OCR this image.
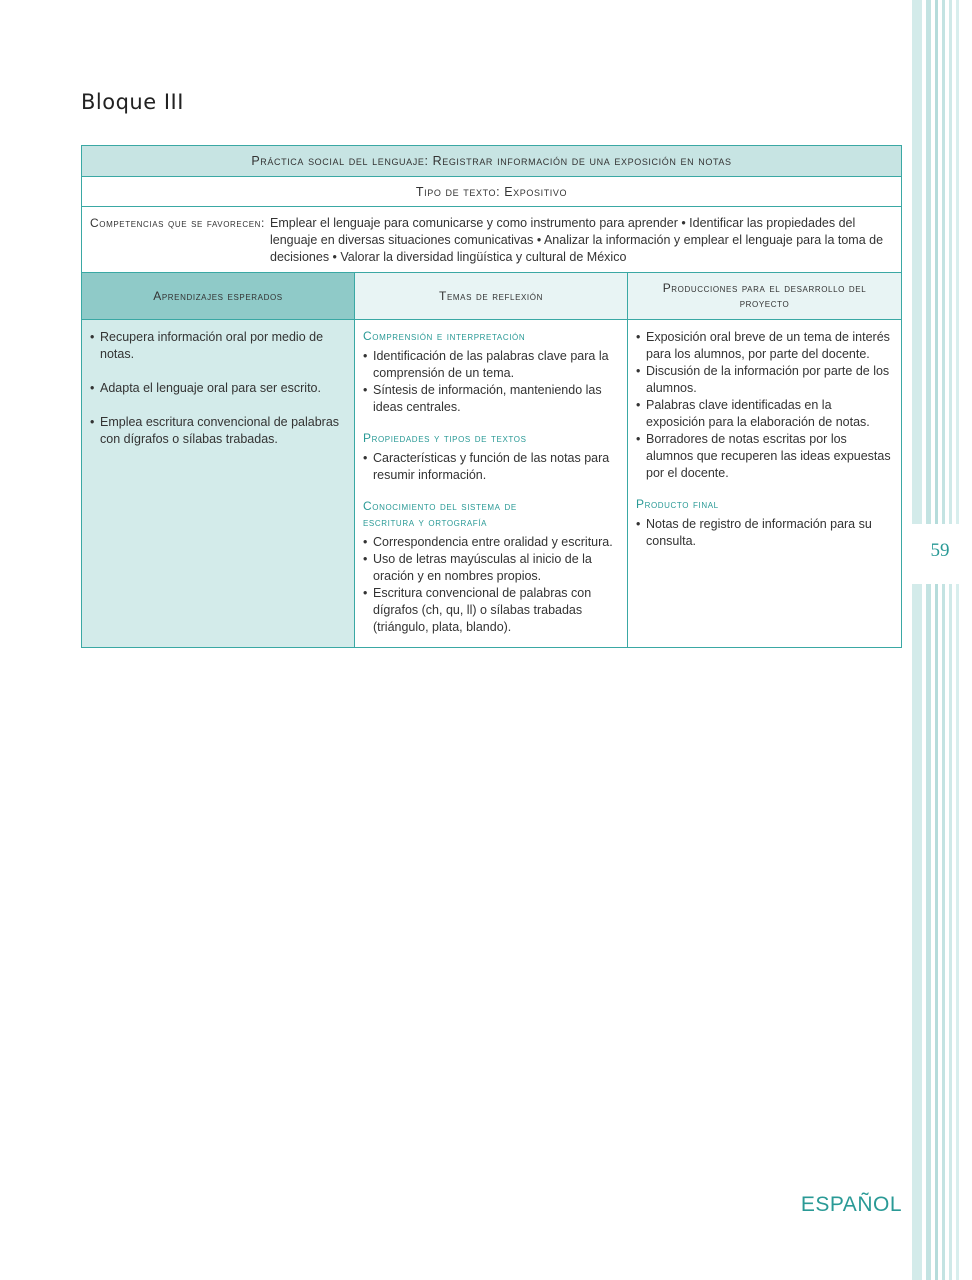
59
Bloque III
Práctica social del lenguaje: Registrar información de una exposición en notas
Tipo de texto: Expositivo
Competencias que se favorecen: Emplear el lenguaje para comunicarse y como instrumento para aprender • Identificar las propiedades del lenguaje en diversas situaciones comunicativas • Analizar la información y emplear el lenguaje para la toma de decisiones • Valorar la diversidad lingüística y cultural de México
Aprendizajes esperados	Temas de reflexión
Producciones para el desarrollo del proyecto
• Recupera información oral por medio de notas.
• Adapta el lenguaje oral para ser escrito.
• Emplea escritura convencional de palabras con dígrafos o sílabas trabadas.
Comprensión e interpretación
• Identificación de las palabras clave para la comprensión de un tema.
• Síntesis de información, manteniendo las ideas centrales.
Propiedades y tipos de textos
• Características y función de las notas para resumir información.
Conocimiento del sistema de escritura y ortografía
• Correspondencia entre oralidad y escritura.
• Uso de letras mayúsculas al inicio de la oración y en nombres propios.
• Escritura convencional de palabras con dígrafos (ch, qu, ll) o sílabas trabadas (triángulo, plata, blando).
• Exposición oral breve de un tema de interés para los alumnos, por parte del docente.
• Discusión de la información por parte de los alumnos.
• Palabras clave identificadas en la exposición para la elaboración de notas.
• Borradores de notas escritas por los alumnos que recuperen las ideas expuestas por el docente.
Producto final
• Notas de registro de información para su consulta.
ESPAÑOL
